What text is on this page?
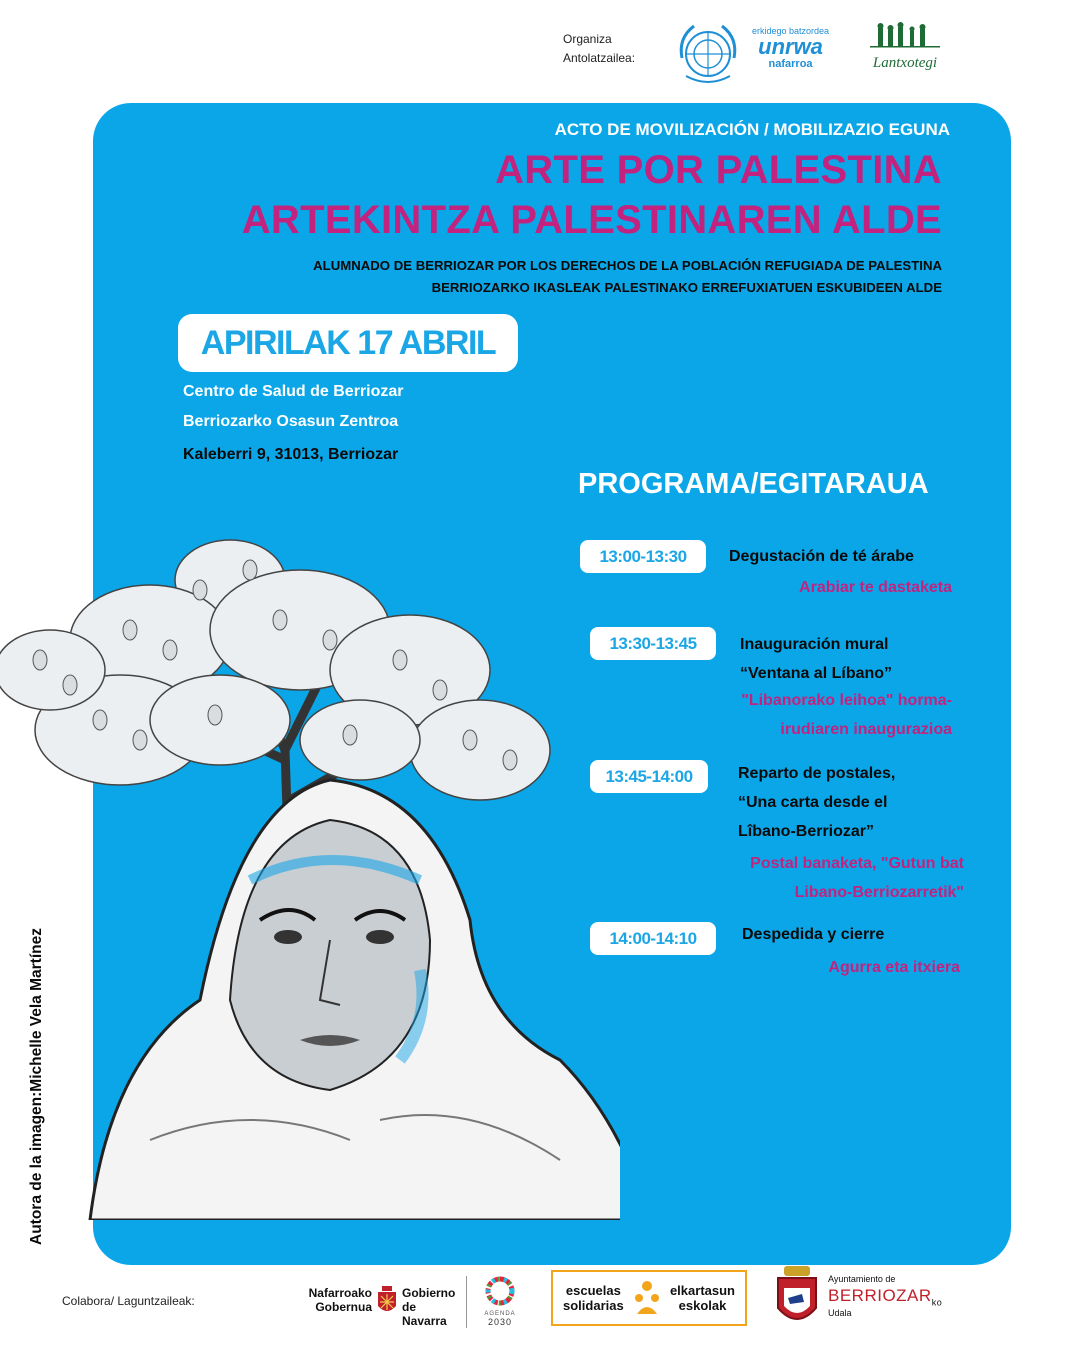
Organiza
Antolatzailea:
erkidego batzordea
unrwa
nafarroa	Lantxotegi
ACTO DE MOVILIZACIÓN / MOBILIZAZIO EGUNA
ARTE POR PALESTINA
ARTEKINTZA PALESTINAREN ALDE
ALUMNADO DE BERRIOZAR POR LOS DERECHOS DE LA POBLACIÓN REFUGIADA DE PALESTINA
BERRIOZARKO IKASLEAK PALESTINAKO ERREFUXIATUEN ESKUBIDEEN ALDE
APIRILAK 17 ABRIL
Centro de Salud de Berriozar
Berriozarko Osasun Zentroa
Kaleberri 9, 31013, Berriozar
PROGRAMA/EGITARAUA
13:00-13:30	Degustación de té árabe
Arabiar te dastaketa
13:30-13:45	Inauguración mural
“Ventana al Líbano”
"Libanorako leihoa" horma-
irudiaren inaugurazioa
13:45-14:00	Reparto de postales,
“Una carta desde el
Lîbano-Berriozar”
Postal banaketa, "Gutun bat
Libano-Berriozarretik"
14:00-14:10	Despedida y cierre
Agurra eta itxiera
Autora de la imagen:Michelle Vela Martínez
Colabora/ Laguntzaileak:
Nafarroako
Gobernua
Gobierno
de Navarra	AGENDA
2030
escuelas
solidarias
elkartasun
eskolak
Ayuntamiento de
$BERRIOZAR_{ko}$
Udala
